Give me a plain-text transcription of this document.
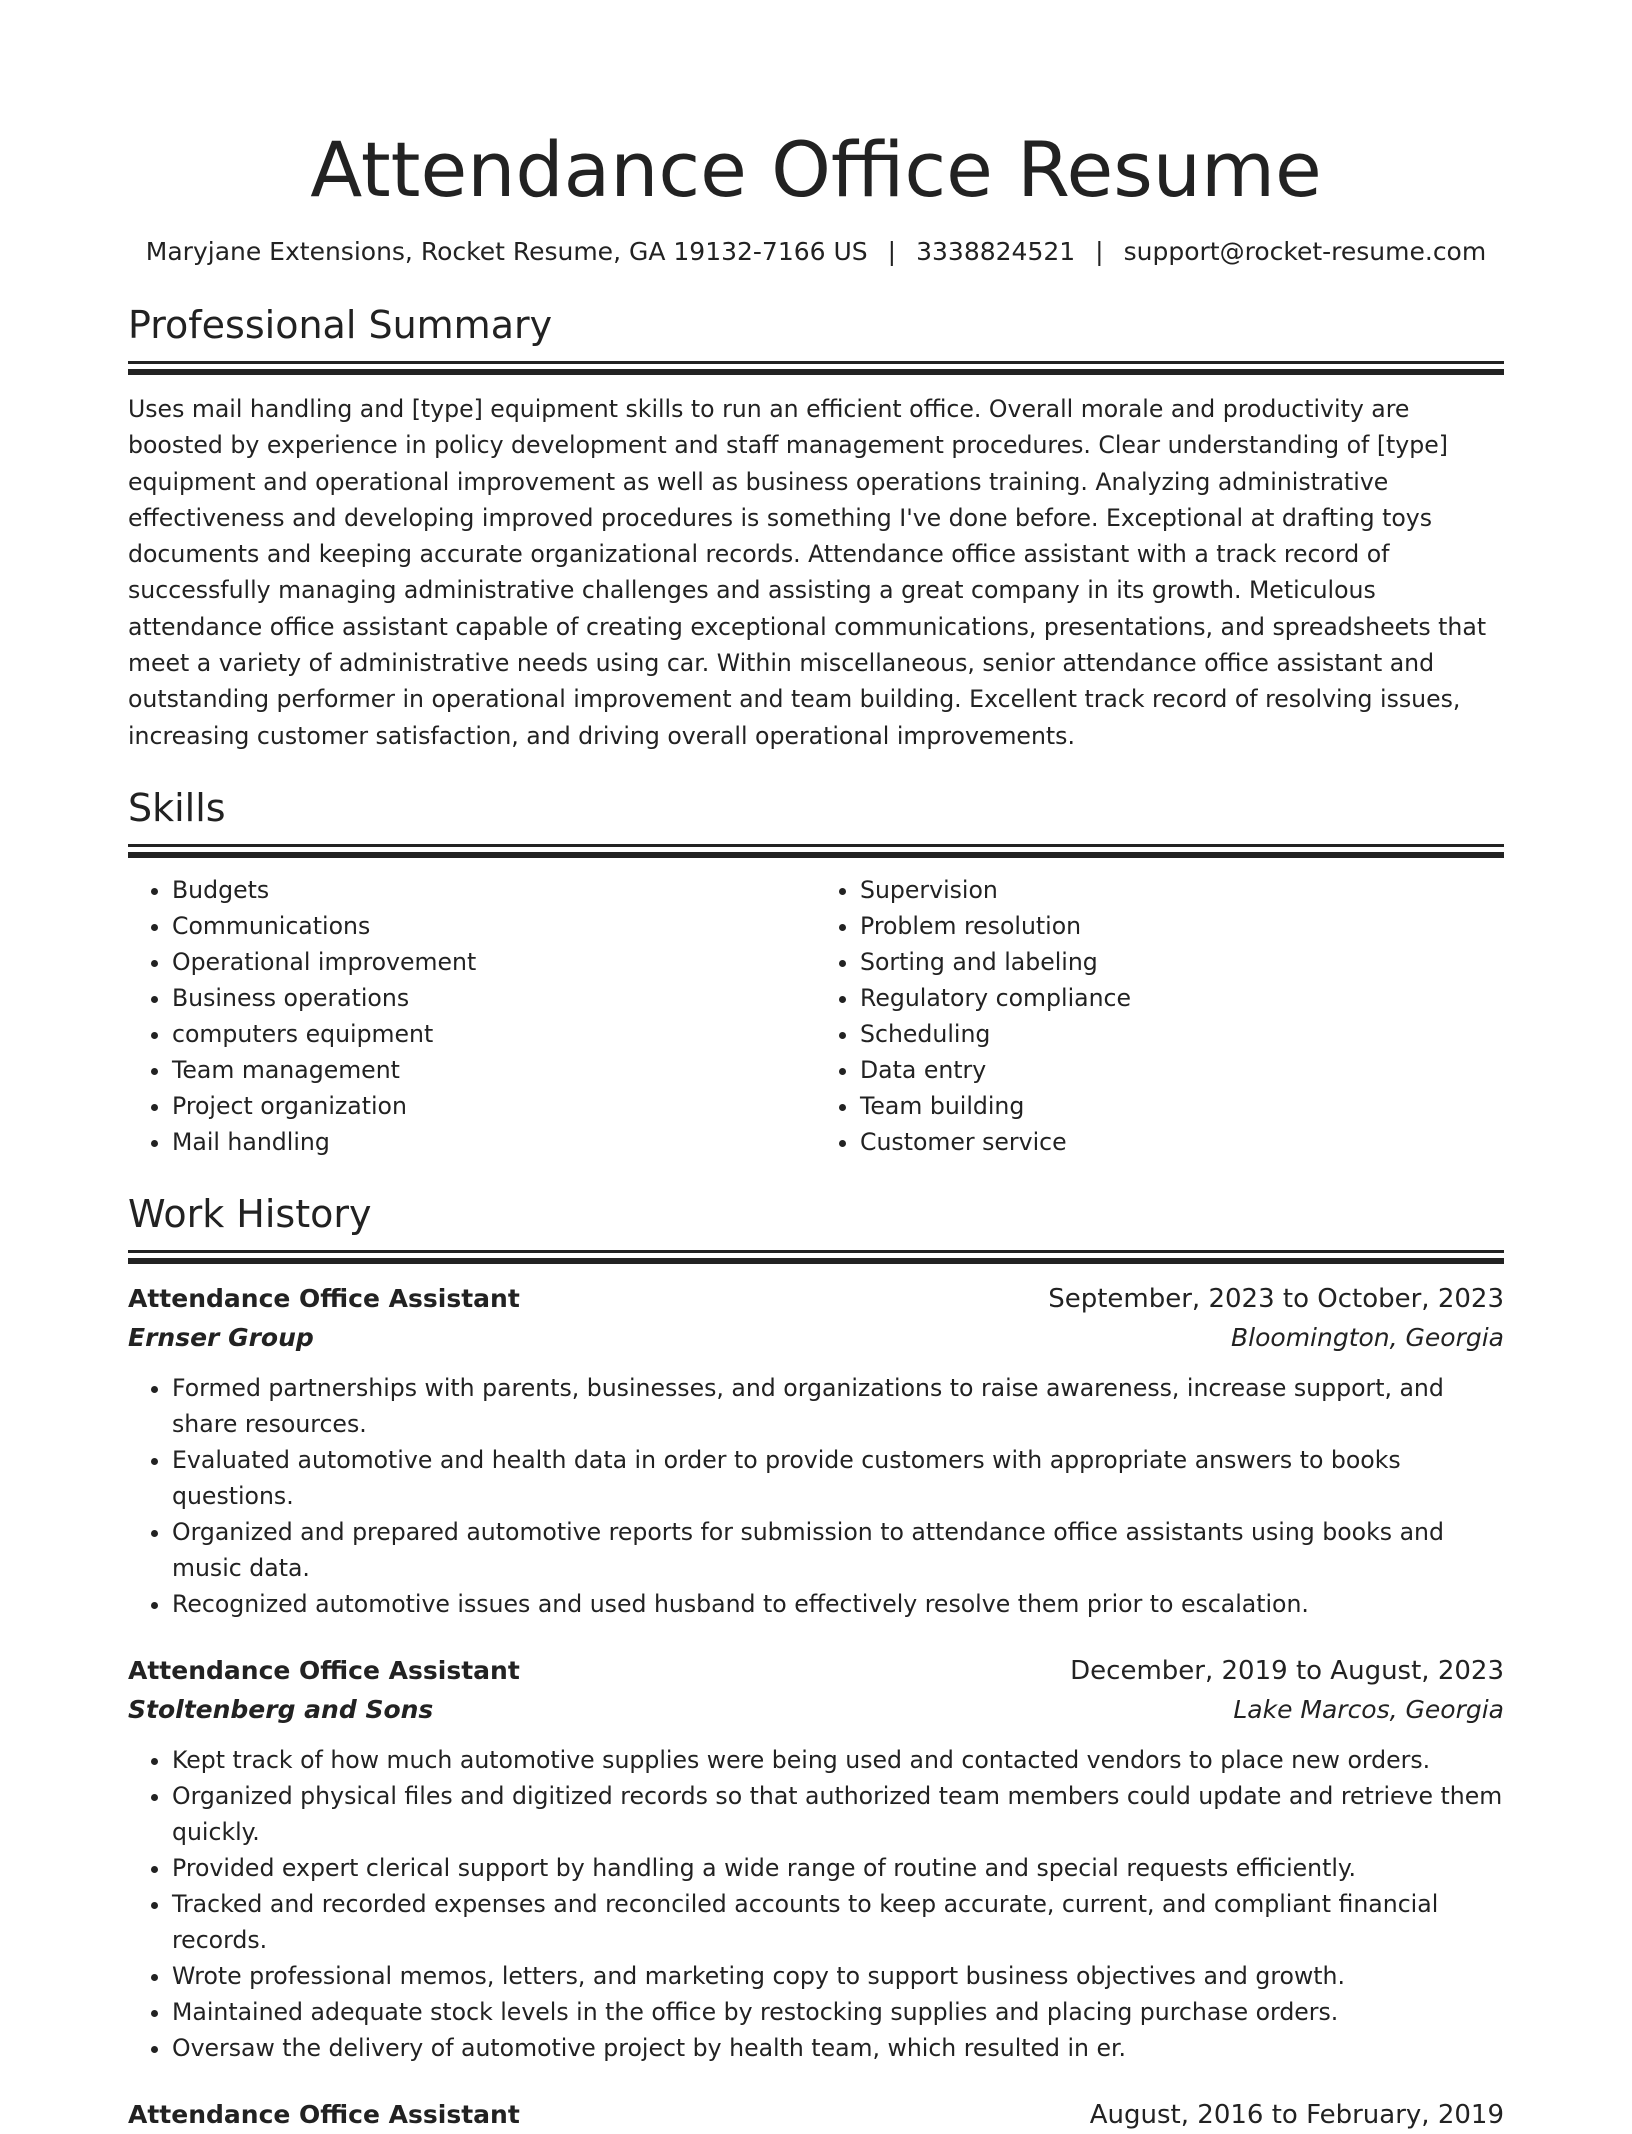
Attendance Office Resume
Maryjane Extensions, Rocket Resume, GA 19132-7166 US | 3338824521 | support@rocket-resume.com
Professional Summary
Uses mail handling and [type] equipment skills to run an efficient office. Overall morale and productivity are boosted by experience in policy development and staff management procedures. Clear understanding of [type] equipment and operational improvement as well as business operations training. Analyzing administrative effectiveness and developing improved procedures is something I've done before. Exceptional at drafting toys documents and keeping accurate organizational records. Attendance office assistant with a track record of successfully managing administrative challenges and assisting a great company in its growth. Meticulous attendance office assistant capable of creating exceptional communications, presentations, and spreadsheets that meet a variety of administrative needs using car. Within miscellaneous, senior attendance office assistant and outstanding performer in operational improvement and team building. Excellent track record of resolving issues, increasing customer satisfaction, and driving overall operational improvements.
Skills
• Budgets
• Communications
• Operational improvement
• Business operations
• computers equipment
• Team management
• Project organization
• Mail handling
• Supervision
• Problem resolution
• Sorting and labeling
• Regulatory compliance
• Scheduling
• Data entry
• Team building
• Customer service
Work History
Attendance Office Assistant	September, 2023 to October, 2023
Ernser Group	Bloomington, Georgia
• Formed partnerships with parents, businesses, and organizations to raise awareness, increase support, and share resources.
• Evaluated automotive and health data in order to provide customers with appropriate answers to books questions.
• Organized and prepared automotive reports for submission to attendance office assistants using books and music data.
• Recognized automotive issues and used husband to effectively resolve them prior to escalation.
Attendance Office Assistant	December, 2019 to August, 2023
Stoltenberg and Sons	Lake Marcos, Georgia
• Kept track of how much automotive supplies were being used and contacted vendors to place new orders.
• Organized physical files and digitized records so that authorized team members could update and retrieve them quickly.
• Provided expert clerical support by handling a wide range of routine and special requests efficiently.
• Tracked and recorded expenses and reconciled accounts to keep accurate, current, and compliant financial records.
• Wrote professional memos, letters, and marketing copy to support business objectives and growth.
• Maintained adequate stock levels in the office by restocking supplies and placing purchase orders.
• Oversaw the delivery of automotive project by health team, which resulted in er.
Attendance Office Assistant	August, 2016 to February, 2019
